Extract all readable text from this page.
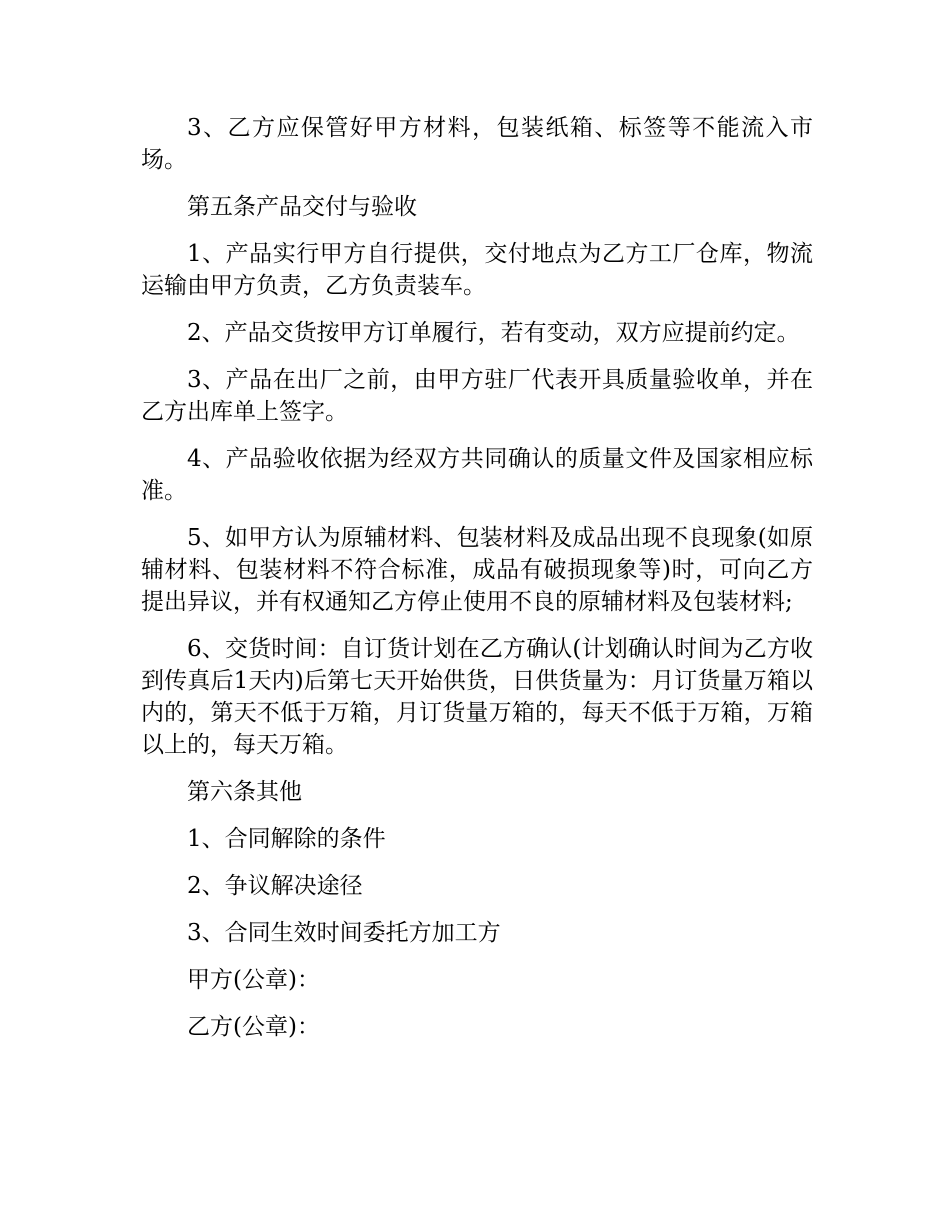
3、乙方应保管好甲方材料，包装纸箱、标签等不能流入市场。

第五条产品交付与验收

1、产品实行甲方自行提供，交付地点为乙方工厂仓库，物流运输由甲方负责，乙方负责装车。

2、产品交货按甲方订单履行，若有变动，双方应提前约定。

3、产品在出厂之前，由甲方驻厂代表开具质量验收单，并在乙方出库单上签字。

4、产品验收依据为经双方共同确认的质量文件及国家相应标准。

5、如甲方认为原辅材料、包装材料及成品出现不良现象(如原辅材料、包装材料不符合标准，成品有破损现象等)时，可向乙方提出异议，并有权通知乙方停止使用不良的原辅材料及包装材料;

6、交货时间：自订货计划在乙方确认(计划确认时间为乙方收到传真后1天内)后第七天开始供货，日供货量为：月订货量万箱以内的，第天不低于万箱，月订货量万箱的，每天不低于万箱，万箱以上的，每天万箱。

第六条其他

1、合同解除的条件

2、争议解决途径

3、合同生效时间委托方加工方

甲方(公章)：

乙方(公章)：
